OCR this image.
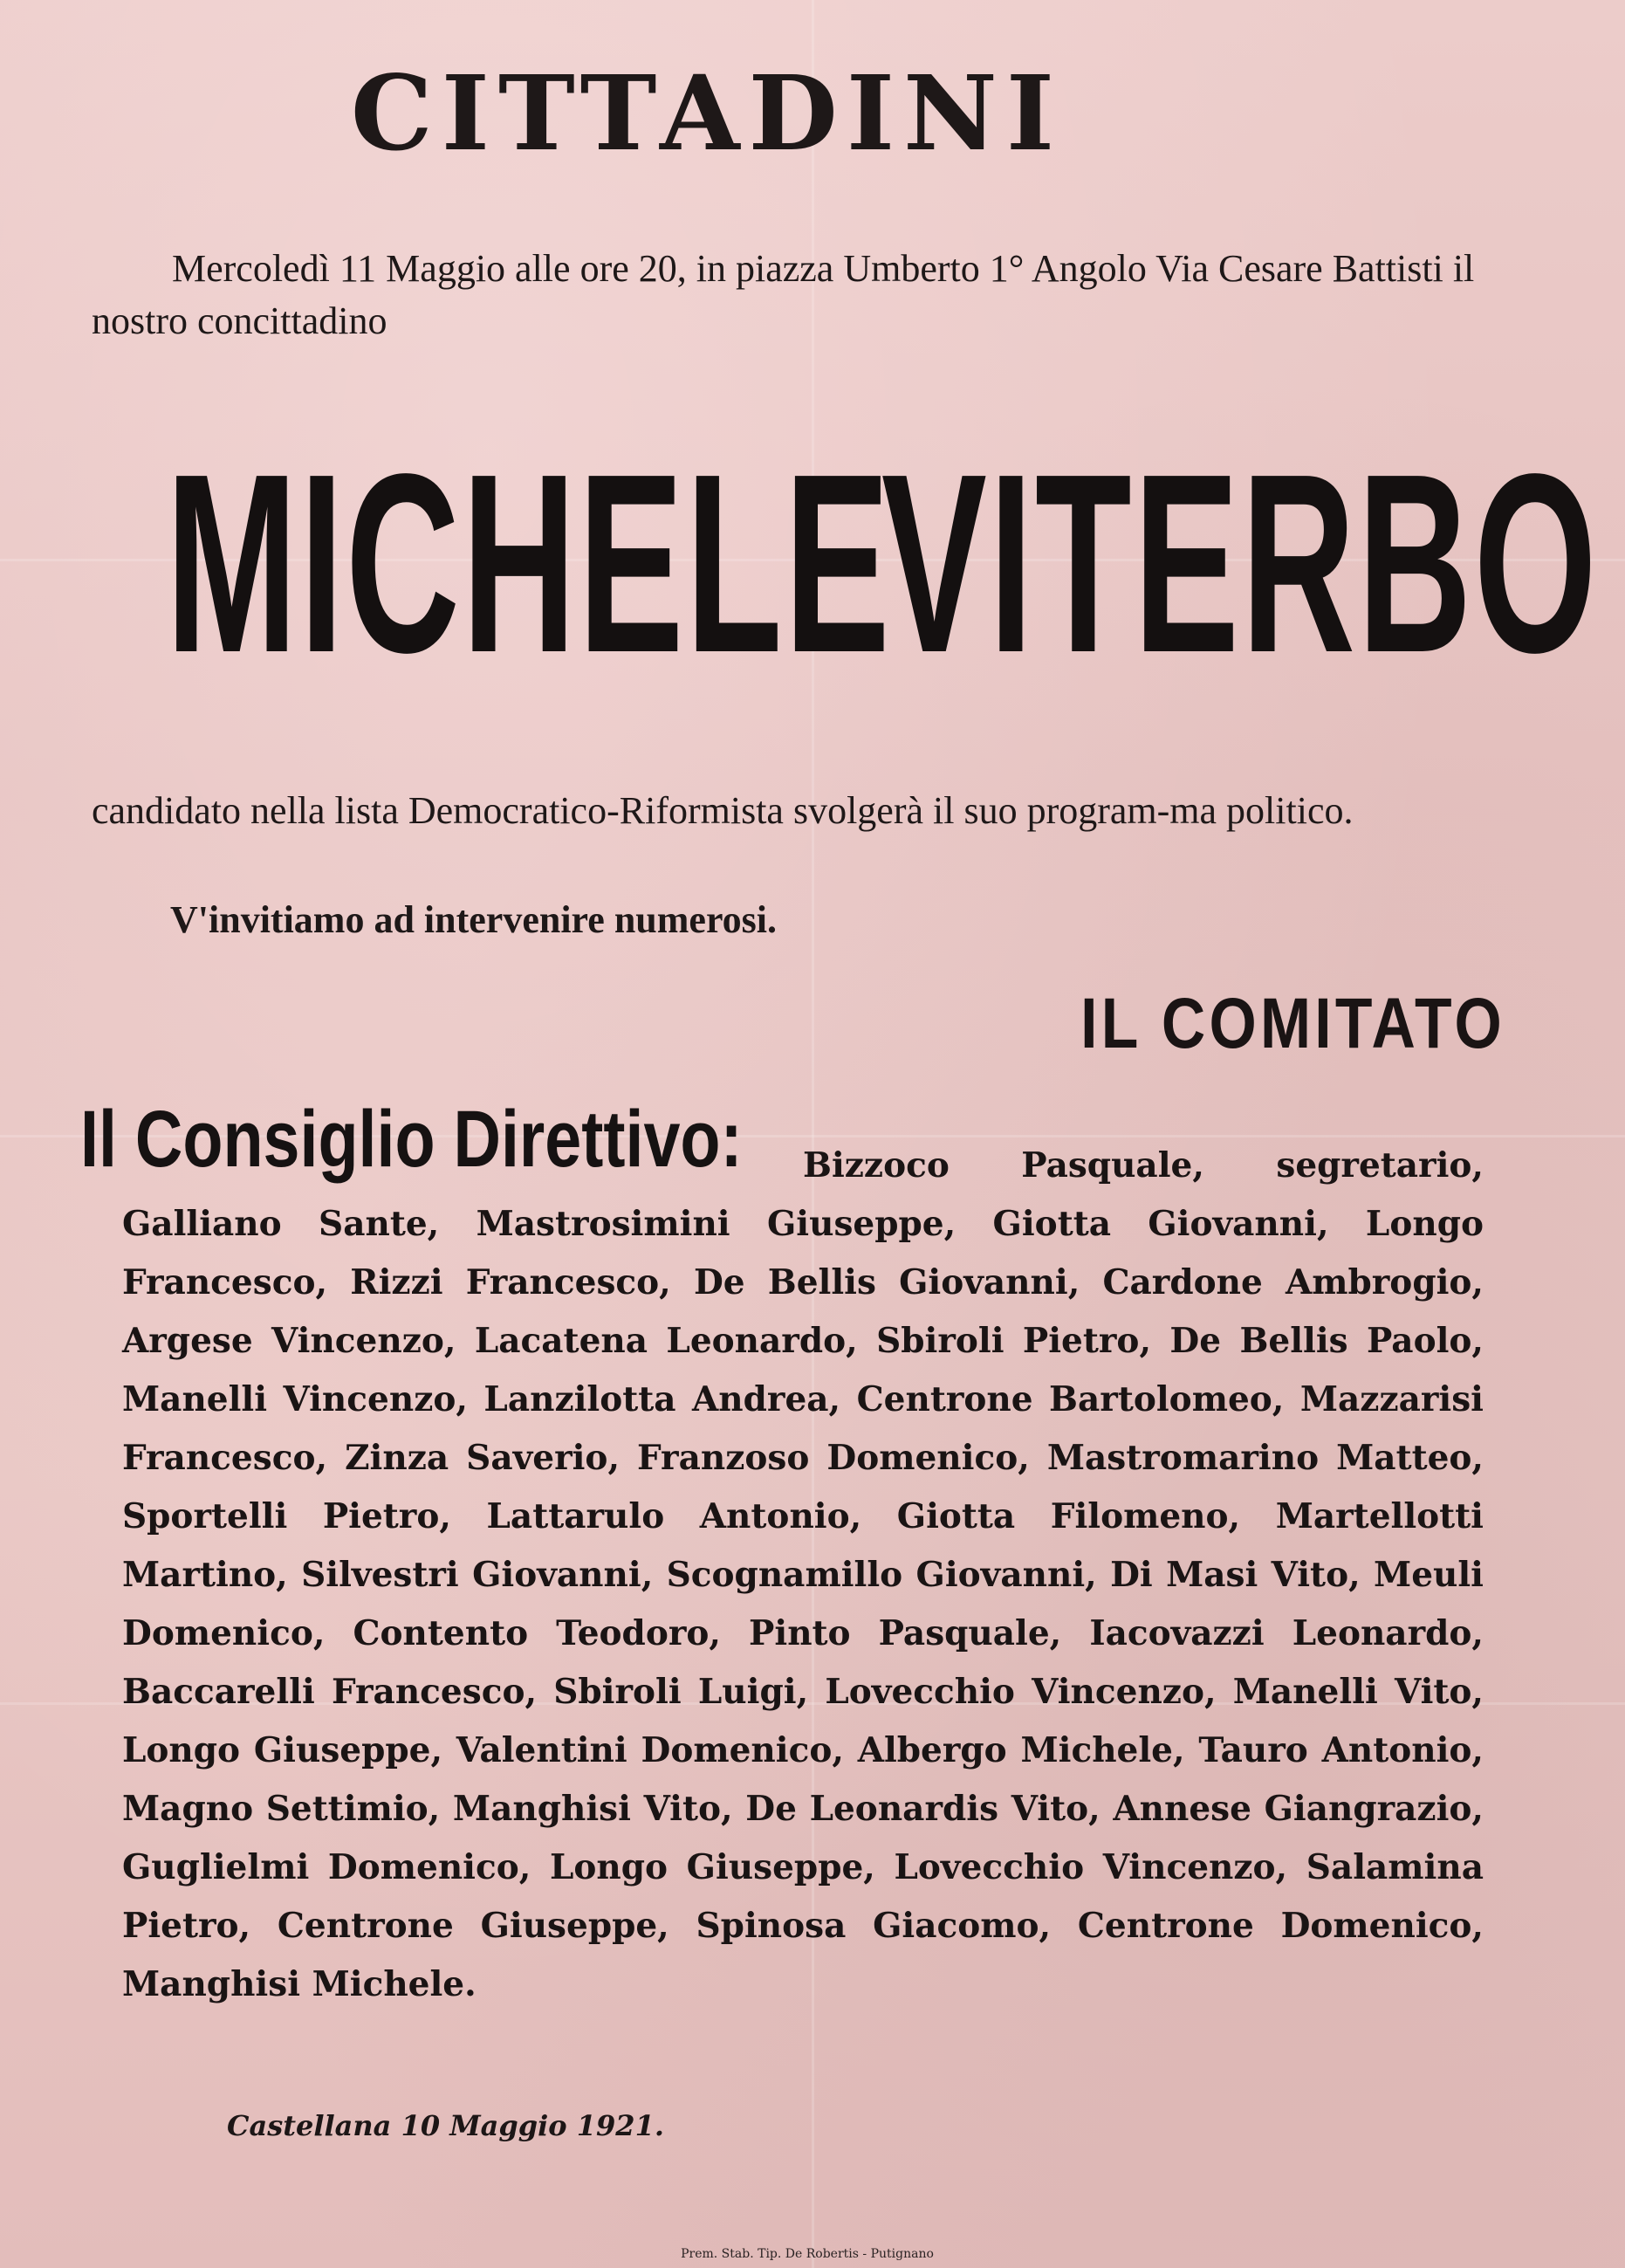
CITTADINI

Mercoledì 11 Maggio alle ore 20, in piazza Umberto 1° Angolo Via Cesare Battisti il nostro concittadino

MICHELE
VITERBO

candidato nella lista Democratico-Riformista svolgerà il suo program-ma politico.

V'invitiamo ad intervenire numerosi.

IL COMITATO

Il Consiglio Direttivo:	Bizzoco Pasquale, segretario, Galliano Sante, Mastrosimini Giuseppe, Giotta Giovanni, Longo Francesco, Rizzi Francesco, De Bellis Giovanni, Cardone Ambrogio, Argese Vincenzo, Lacatena Leonardo, Sbiroli Pietro, De Bellis Paolo, Manelli Vincenzo, Lanzilotta Andrea, Centrone Bartolomeo, Mazzarisi Francesco, Zinza Saverio, Franzoso Domenico, Mastromarino Matteo, Sportelli Pietro, Lattarulo Antonio, Giotta Filomeno, Martellotti Martino, Silvestri Giovanni, Scognamillo Giovanni, Di Masi Vito, Meuli Domenico, Contento Teodoro, Pinto Pasquale, Iacovazzi Leonardo, Baccarelli Francesco, Sbiroli Luigi, Lovecchio Vincenzo, Manelli Vito, Longo Giuseppe, Valentini Domenico, Albergo Michele, Tauro Antonio, Magno Settimio, Manghisi Vito, De Leonardis Vito, Annese Giangrazio, Guglielmi Domenico, Longo Giuseppe, Lovecchio Vincenzo, Salamina Pietro, Centrone Giuseppe, Spinosa Giacomo, Centrone Domenico, Manghisi Michele.

Castellana 10 Maggio 1921.

Prem. Stab. Tip. De Robertis - Putignano
